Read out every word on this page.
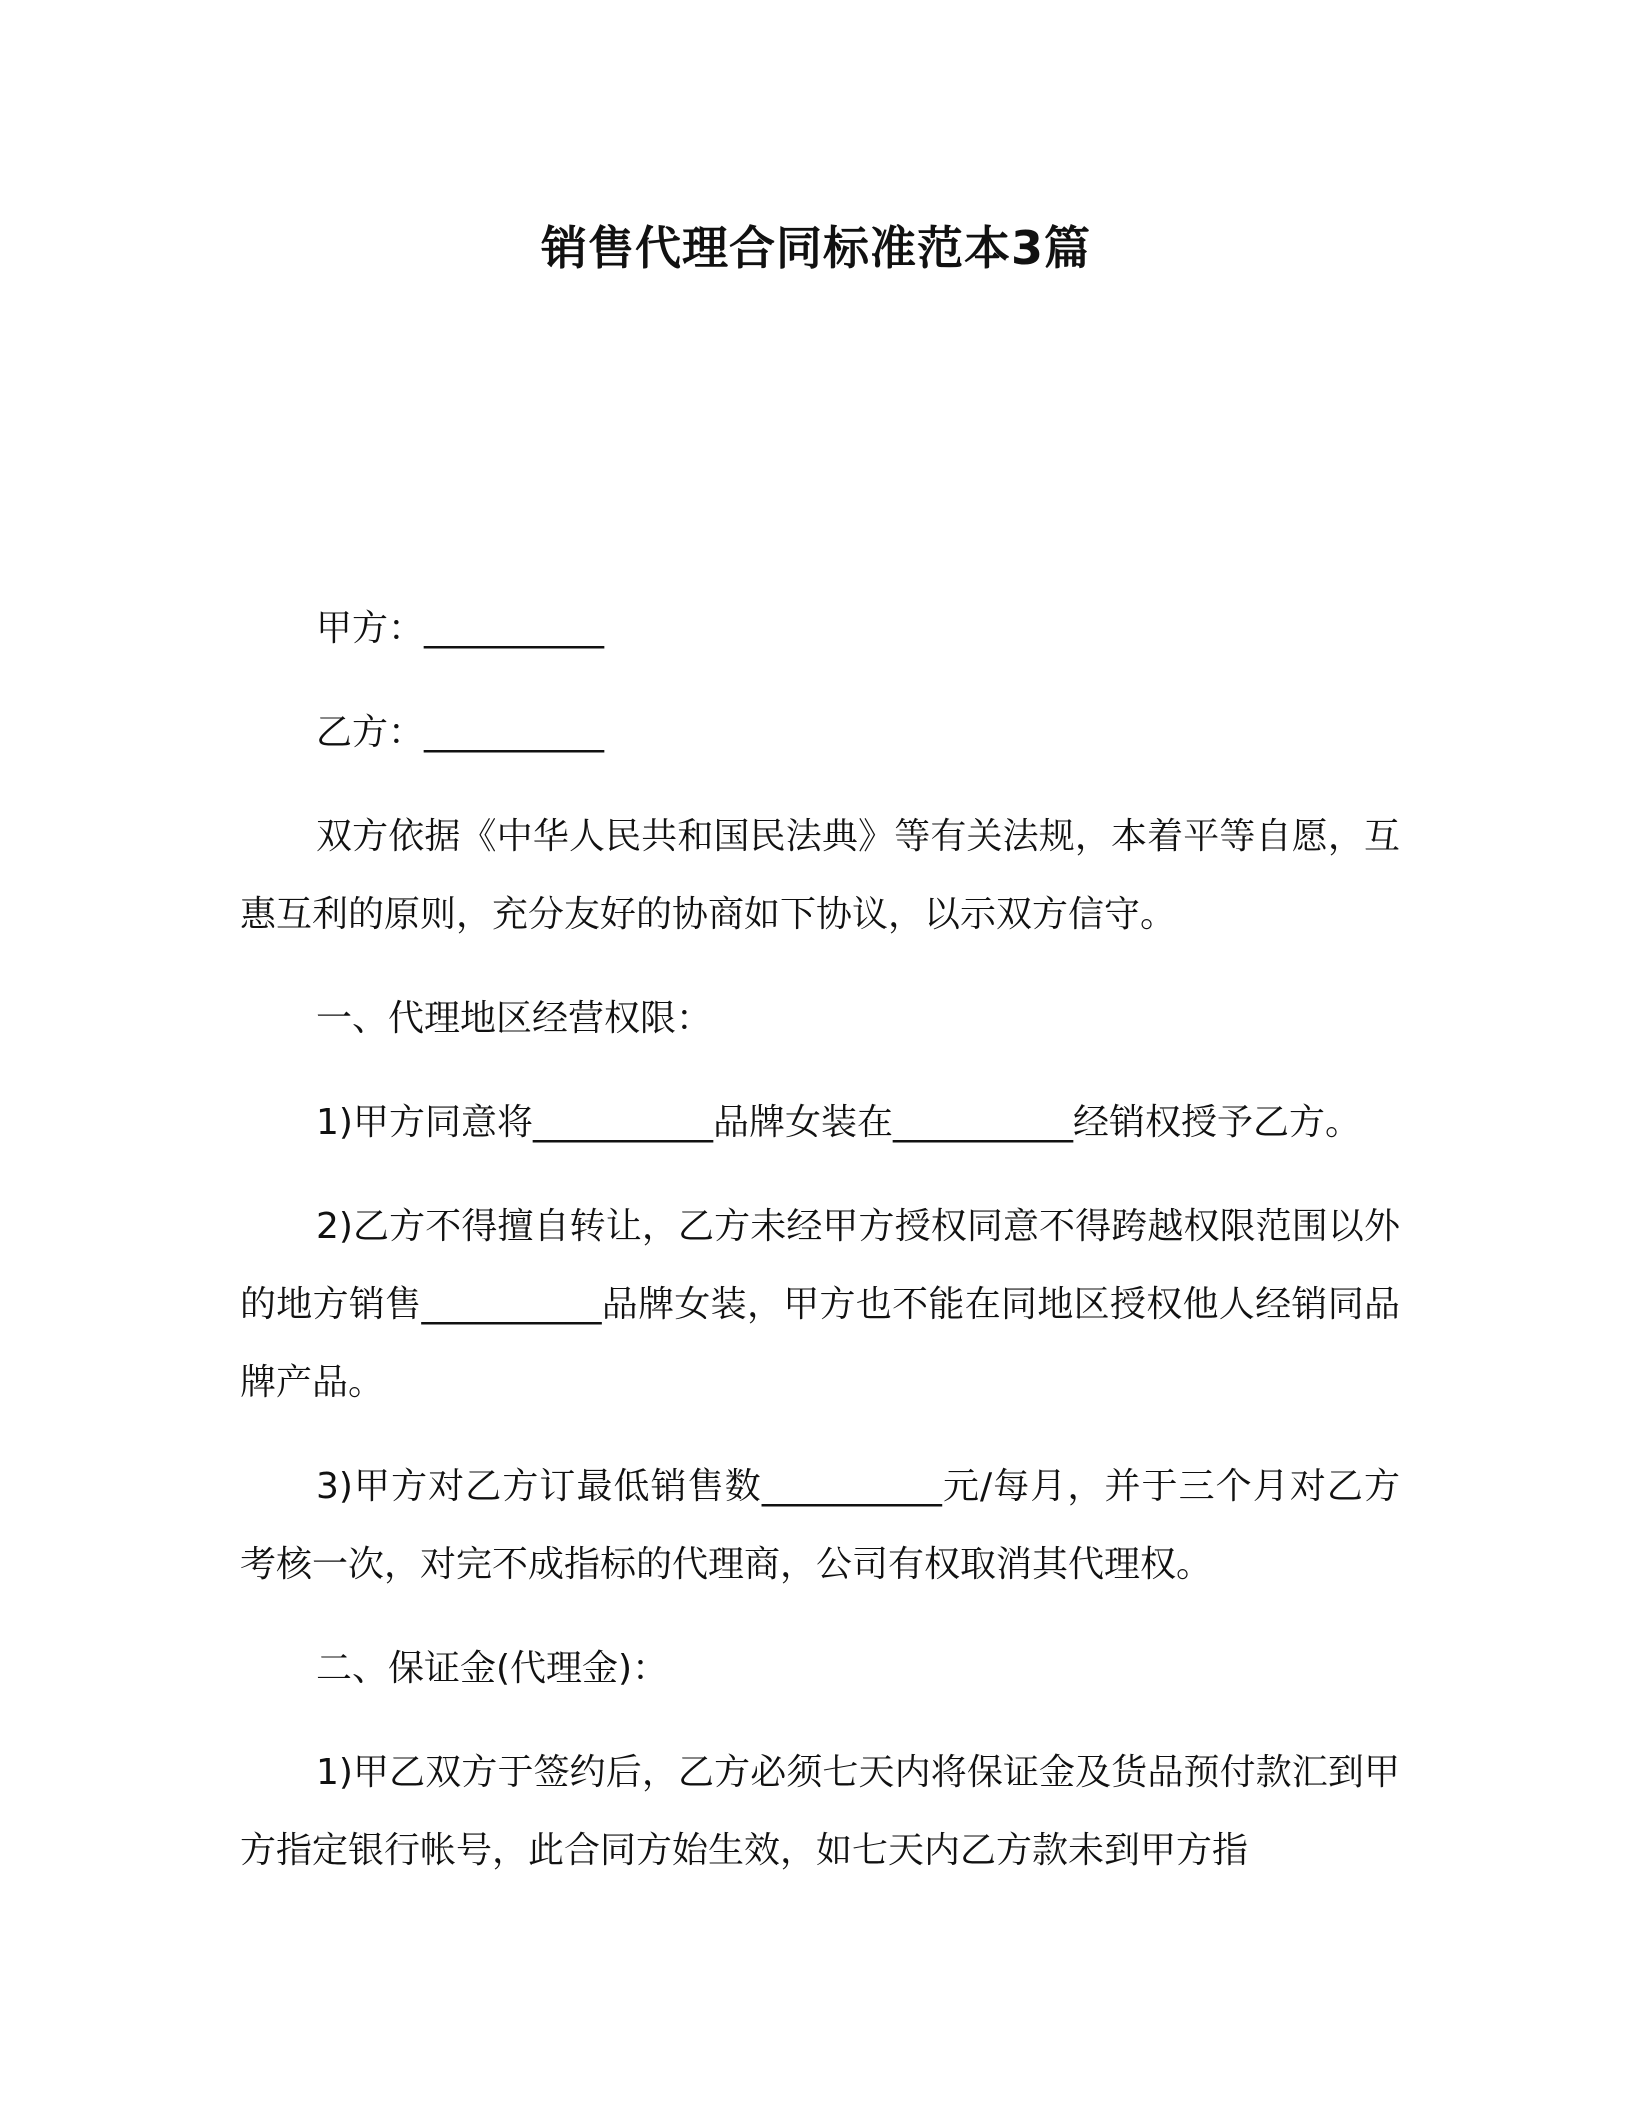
销售代理合同标准范本3篇

甲方：__________

乙方：__________

双方依据《中华人民共和国民法典》等有关法规，本着平等自愿，互惠互利的原则，充分友好的协商如下协议，以示双方信守。

一、代理地区经营权限：

1)甲方同意将__________品牌女装在__________经销权授予乙方。

2)乙方不得擅自转让，乙方未经甲方授权同意不得跨越权限范围以外的地方销售__________品牌女装，甲方也不能在同地区授权他人经销同品牌产品。

3)甲方对乙方订最低销售数__________元/每月，并于三个月对乙方考核一次，对完不成指标的代理商，公司有权取消其代理权。

二、保证金(代理金)：

1)甲乙双方于签约后，乙方必须七天内将保证金及货品预付款汇到甲方指定银行帐号，此合同方始生效，如七天内乙方款未到甲方指
